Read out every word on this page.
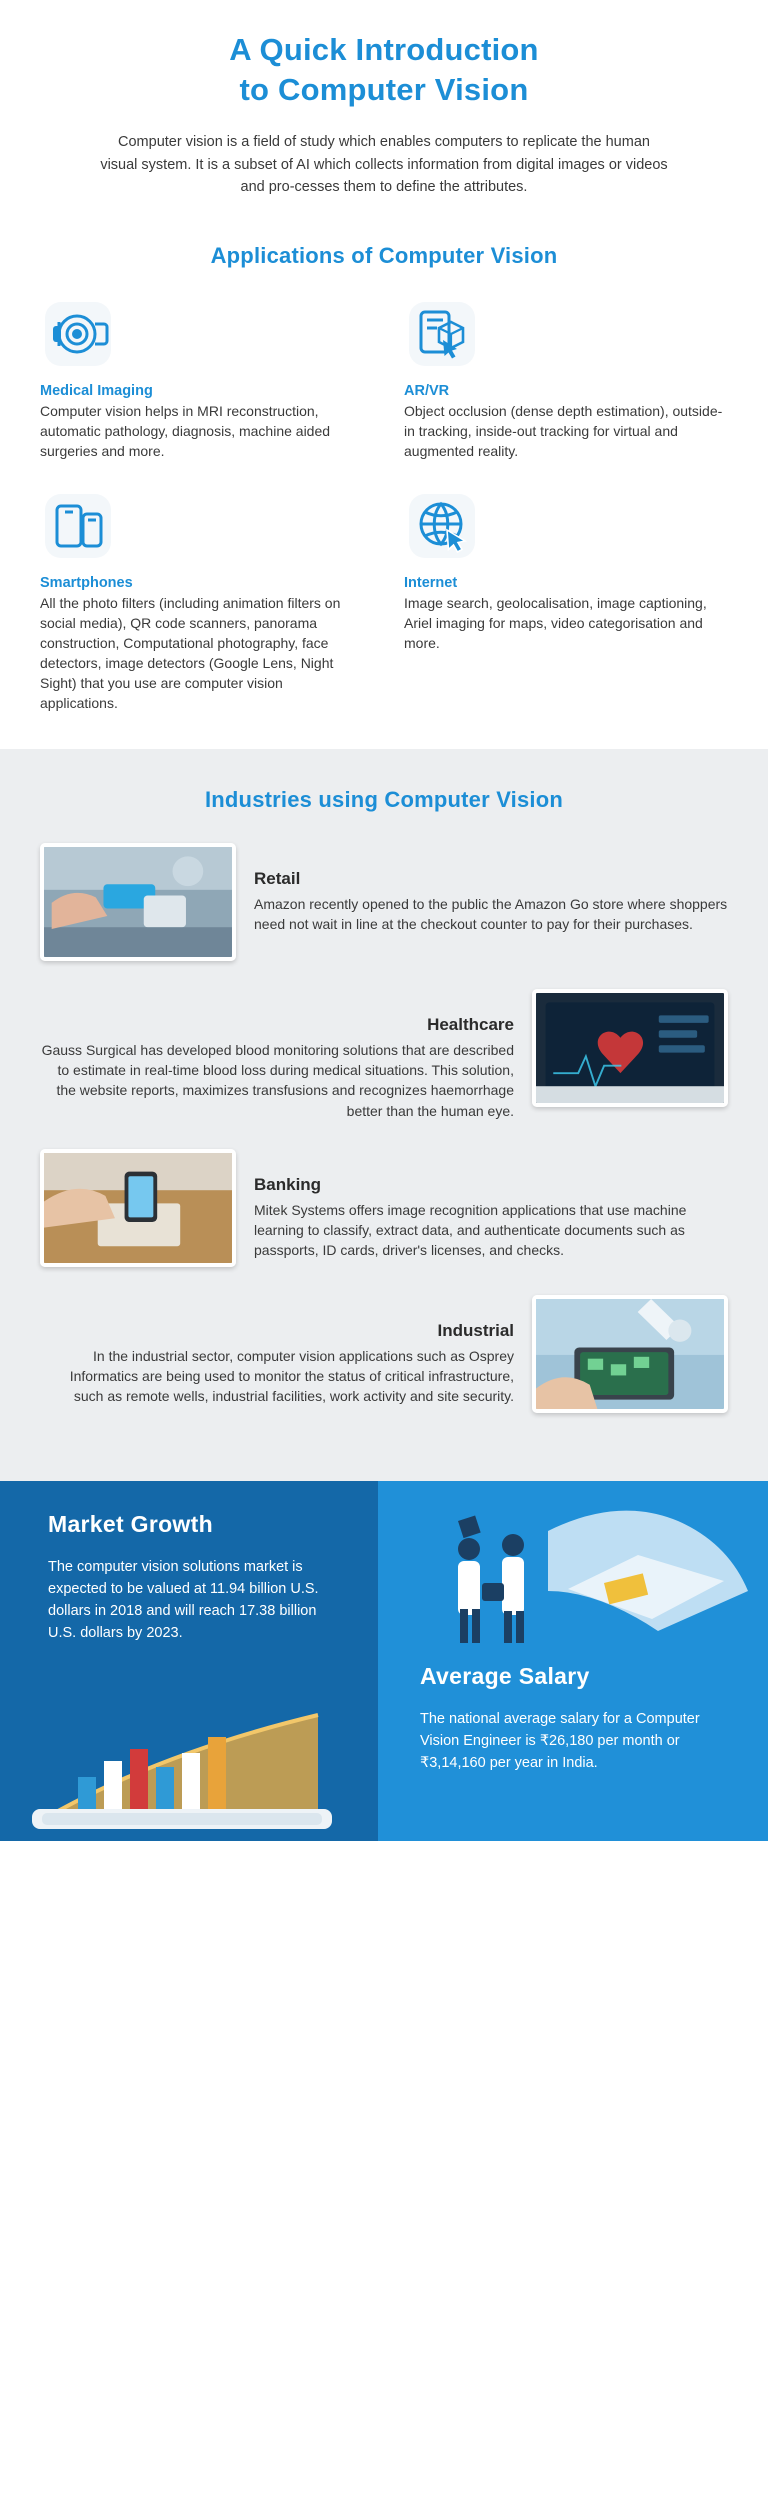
A Quick Introduction
to Computer Vision

Computer vision is a field of study which enables computers to replicate the human visual system. It is a subset of AI which collects information from digital images or videos and pro-cesses them to define the attributes.

Applications of Computer Vision
Medical Imaging
Computer vision helps in MRI reconstruction, automatic pathology, diagnosis, machine aided surgeries and more.
AR/VR
Object occlusion (dense depth estimation), outside-in tracking, inside-out tracking for virtual and augmented reality.
Smartphones
All the photo filters (including animation filters on social media), QR code scanners, panorama construction, Computational photography, face detectors, image detectors (Google Lens, Night Sight) that you use are computer vision applications.
Internet
Image search, geolocalisation, image captioning, Ariel imaging for maps, video categorisation and more.
Industries using Computer Vision
Retail
Amazon recently opened to the public the Amazon Go store where shoppers need not wait in line at the checkout counter to pay for their purchases.
Healthcare
Gauss Surgical has developed blood monitoring solutions that are described to estimate in real-time blood loss during medical situations. This solution, the website reports, maximizes transfusions and recognizes haemorrhage better than the human eye.
Banking
Mitek Systems offers image recognition applications that use machine learning to classify, extract data, and authenticate documents such as passports, ID cards, driver's licenses, and checks.
Industrial
In the industrial sector, computer vision applications such as Osprey Informatics are being used to monitor the status of critical infrastructure, such as remote wells, industrial facilities, work activity and site security.
Market Growth
The computer vision solutions market is expected to be valued at 11.94 billion U.S. dollars in 2018 and will reach 17.38 billion U.S. dollars by 2023.
Average Salary
The national average salary for a Computer Vision Engineer is ₹26,180 per month or ₹3,14,160 per year in India.
